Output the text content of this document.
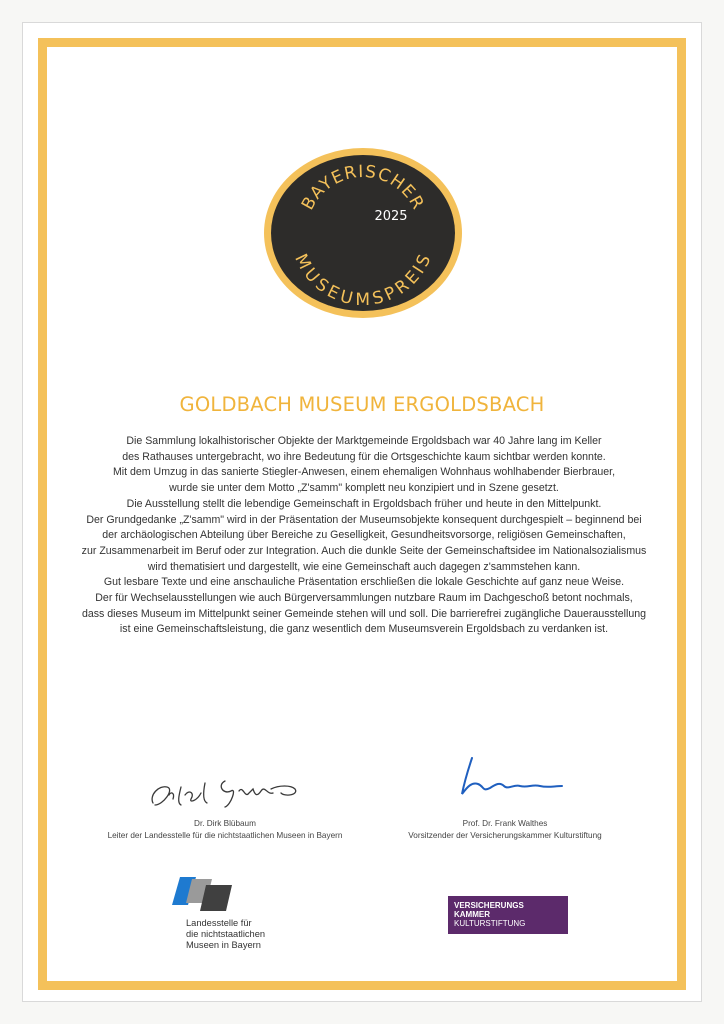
BAYERISCHER
MUSEUMSPREIS
2025
GOLDBACH MUSEUM ERGOLDSBACH
Die Sammlung lokalhistorischer Objekte der Marktgemeinde Ergoldsbach war 40 Jahre lang im Keller
des Rathauses untergebracht, wo ihre Bedeutung für die Ortsgeschichte kaum sichtbar werden konnte.
Mit dem Umzug in das sanierte Stiegler-Anwesen, einem ehemaligen Wohnhaus wohlhabender Bierbrauer,
wurde sie unter dem Motto „Z'samm" komplett neu konzipiert und in Szene gesetzt.
Die Ausstellung stellt die lebendige Gemeinschaft in Ergoldsbach früher und heute in den Mittelpunkt.
Der Grundgedanke „Z'samm" wird in der Präsentation der Museumsobjekte konsequent durchgespielt – beginnend bei
der archäologischen Abteilung über Bereiche zu Geselligkeit, Gesundheitsvorsorge, religiösen Gemeinschaften,
zur Zusammenarbeit im Beruf oder zur Integration. Auch die dunkle Seite der Gemeinschaftsidee im Nationalsozialismus
wird thematisiert und dargestellt, wie eine Gemeinschaft auch dagegen z'sammstehen kann.
Gut lesbare Texte und eine anschauliche Präsentation erschließen die lokale Geschichte auf ganz neue Weise.
Der für Wechselausstellungen wie auch Bürgerversammlungen nutzbare Raum im Dachgeschoß betont nochmals,
dass dieses Museum im Mittelpunkt seiner Gemeinde stehen will und soll. Die barrierefrei zugängliche Dauerausstellung
ist eine Gemeinschaftsleistung, die ganz wesentlich dem Museumsverein Ergoldsbach zu verdanken ist.
Dr. Dirk Blübaum
Leiter der Landesstelle für die nichtstaatlichen Museen in Bayern
Prof. Dr. Frank Walthes
Vorsitzender der Versicherungskammer Kulturstiftung
Landesstelle für
die nichtstaatlichen
Museen in Bayern
VERSICHERUNGS
KAMMER
KULTURSTIFTUNG
